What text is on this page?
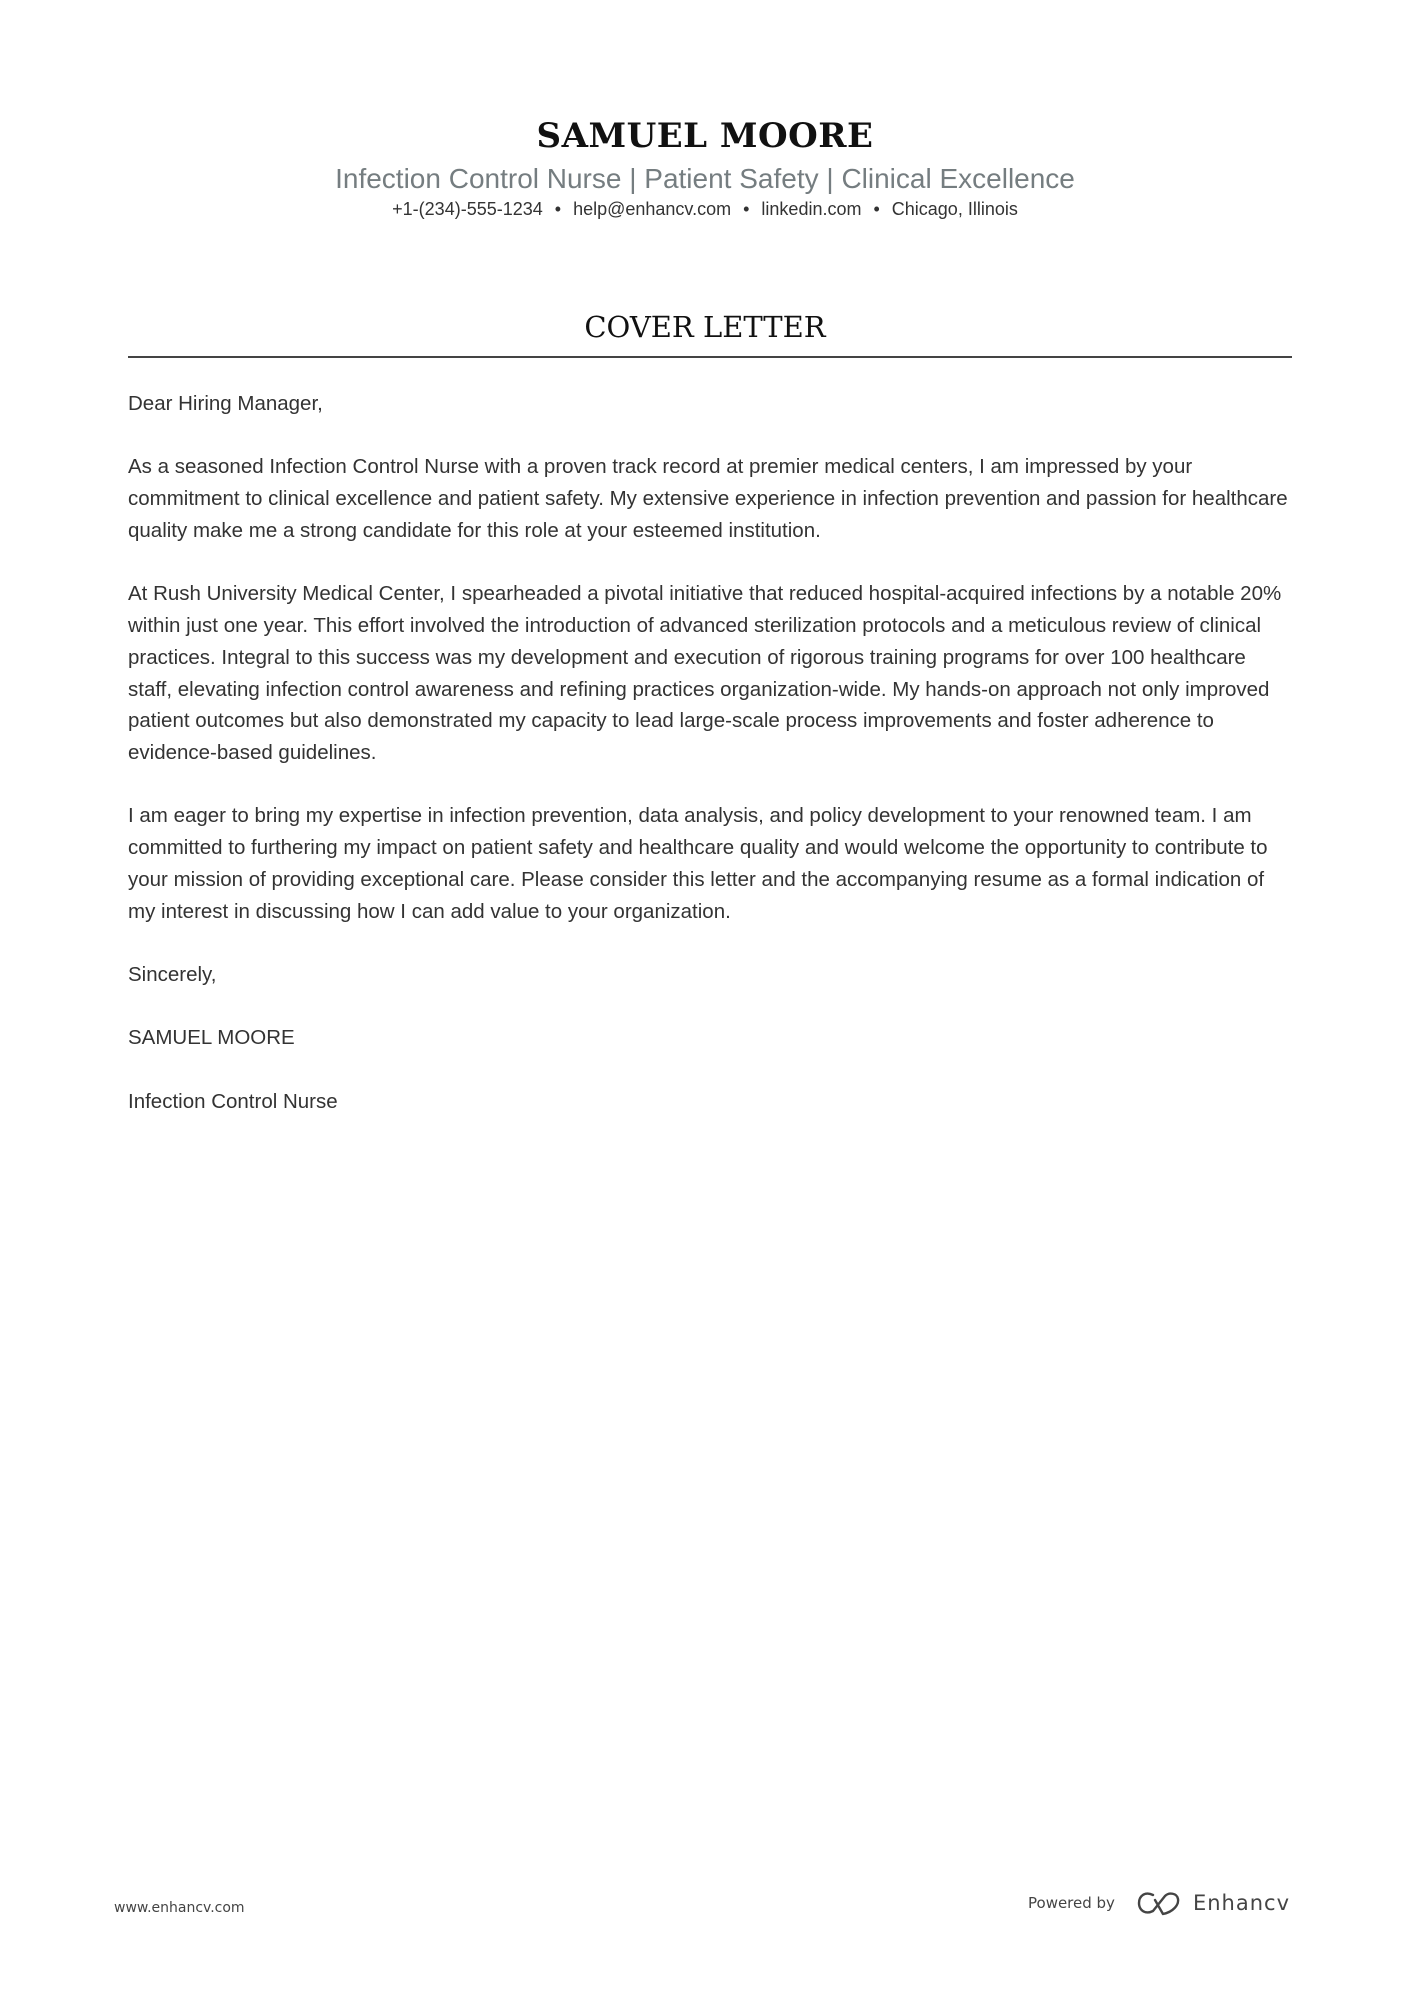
SAMUEL MOORE
Infection Control Nurse | Patient Safety | Clinical Excellence
+1-(234)-555-1234 • help@enhancv.com • linkedin.com • Chicago, Illinois
COVER LETTER

Dear Hiring Manager,

As a seasoned Infection Control Nurse with a proven track record at premier medical centers, I am impressed by your commitment to clinical excellence and patient safety. My extensive experience in infection prevention and passion for healthcare quality make me a strong candidate for this role at your esteemed institution.

At Rush University Medical Center, I spearheaded a pivotal initiative that reduced hospital-acquired infections by a notable 20% within just one year. This effort involved the introduction of advanced sterilization protocols and a meticulous review of clinical practices. Integral to this success was my development and execution of rigorous training programs for over 100 healthcare staff, elevating infection control awareness and refining practices organization-wide. My hands-on approach not only improved patient outcomes but also demonstrated my capacity to lead large-scale process improvements and foster adherence to evidence-based guidelines.

I am eager to bring my expertise in infection prevention, data analysis, and policy development to your renowned team. I am committed to furthering my impact on patient safety and healthcare quality and would welcome the opportunity to contribute to your mission of providing exceptional care. Please consider this letter and the accompanying resume as a formal indication of my interest in discussing how I can add value to your organization.

Sincerely,

SAMUEL MOORE

Infection Control Nurse

www.enhancv.com	Powered by	Enhancv
